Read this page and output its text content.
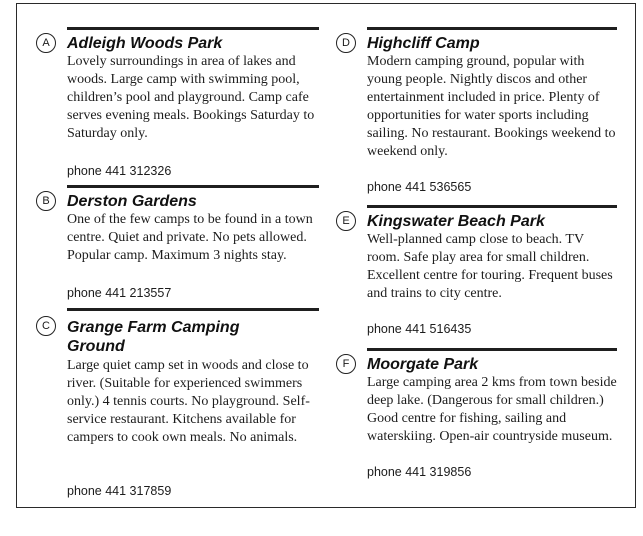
A	Adleigh Woods Park
Lovely surroundings in area of lakes and woods. Large camp with swimming pool, children’s pool and playground. Camp cafe serves evening meals. Bookings Saturday to Saturday only.
phone 441 312326
B	Derston Gardens
One of the few camps to be found in a town centre. Quiet and private. No pets allowed. Popular camp. Maximum 3 nights stay.
phone 441 213557
C	Grange Farm Camping Ground
Large quiet camp set in woods and close to river. (Suitable for experienced swimmers only.) 4 tennis courts. No playground. Self-service restaurant. Kitchens available for campers to cook own meals. No animals.
phone 441 317859
D	Highcliff Camp
Modern camping ground, popular with young people. Nightly discos and other entertainment included in price. Plenty of opportunities for water sports including sailing. No restaurant. Bookings weekend to weekend only.
phone 441 536565
E	Kingswater Beach Park
Well-planned camp close to beach. TV room. Safe play area for small children. Excellent centre for touring. Frequent buses and trains to city centre.
phone 441 516435
F	Moorgate Park
Large camping area 2 kms from town beside deep lake. (Dangerous for small children.) Good centre for fishing, sailing and waterskiing. Open-air countryside museum.
phone 441 319856
